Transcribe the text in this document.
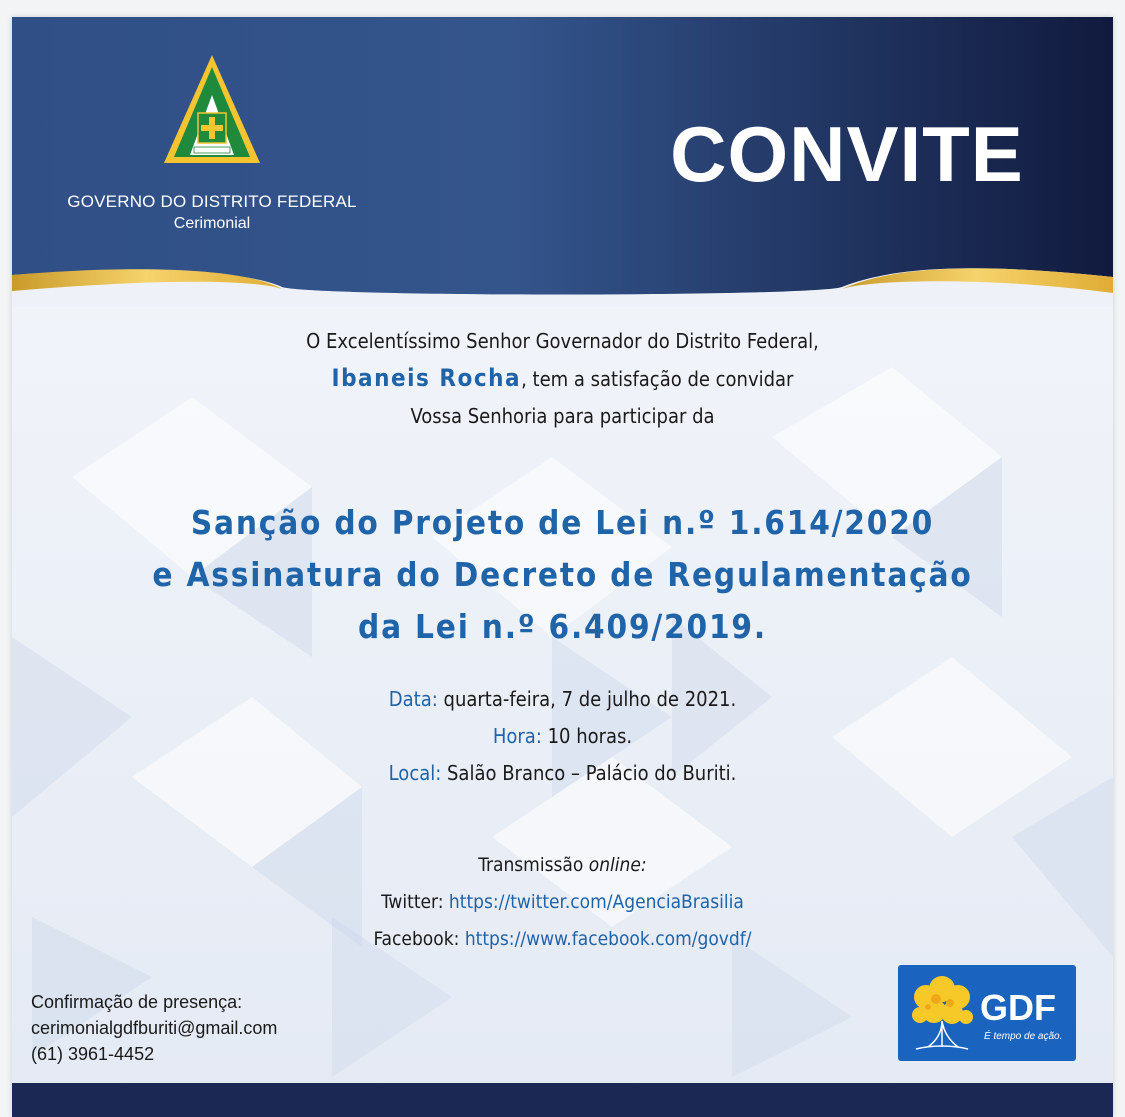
GOVERNO DO DISTRITO FEDERAL
Cerimonial
CONVITE
O Excelentíssimo Senhor Governador do Distrito Federal,
Ibaneis Rocha, tem a satisfação de convidar
Vossa Senhoria para participar da
Sanção do Projeto de Lei n.º 1.614/2020
e Assinatura do Decreto de Regulamentação
da Lei n.º 6.409/2019.
Data: quarta-feira, 7 de julho de 2021.
Hora: 10 horas.
Local: Salão Branco – Palácio do Buriti.
Transmissão online:
Twitter: https://twitter.com/AgenciaBrasilia
Facebook: https://www.facebook.com/govdf/
Confirmação de presença:
cerimonialgdfburiti@gmail.com
(61) 3961-4452
GDF
É tempo de ação.
